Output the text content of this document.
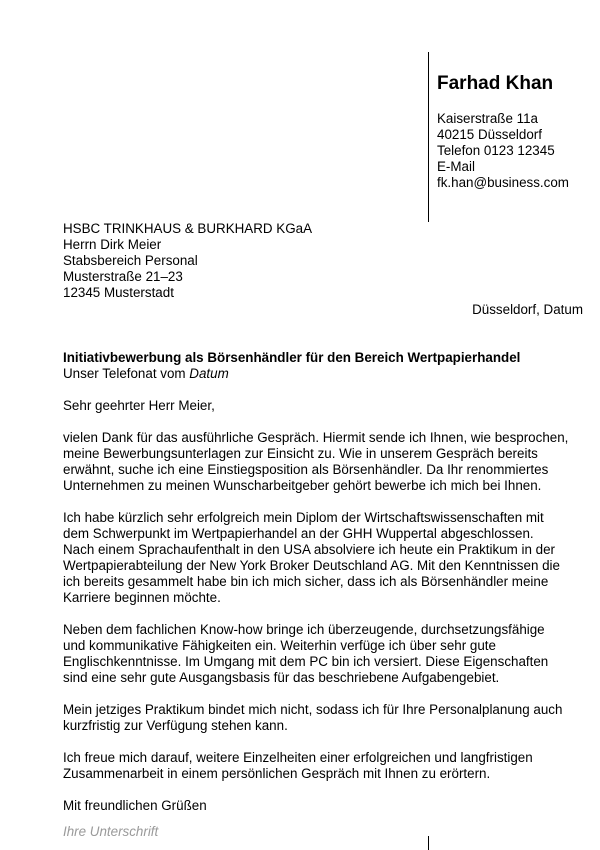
Farhad Khan
Kaiserstraße 11a
40215 Düsseldorf
Telefon 0123 12345
E-Mail
fk.han@business.com
HSBC TRINKHAUS & BURKHARD KGaA
Herrn Dirk Meier
Stabsbereich Personal
Musterstraße 21–23
12345 Musterstadt
Düsseldorf, Datum
Initiativbewerbung als Börsenhändler für den Bereich Wertpapierhandel
Unser Telefonat vom Datum
Sehr geehrter Herr Meier,

vielen Dank für das ausführliche Gespräch. Hiermit sende ich Ihnen, wie besprochen,
meine Bewerbungsunterlagen zur Einsicht zu. Wie in unserem Gespräch bereits
erwähnt, suche ich eine Einstiegsposition als Börsenhändler. Da Ihr renommiertes
Unternehmen zu meinen Wunscharbeitgeber gehört bewerbe ich mich bei Ihnen.

Ich habe kürzlich sehr erfolgreich mein Diplom der Wirtschaftswissenschaften mit
dem Schwerpunkt im Wertpapierhandel an der GHH Wuppertal abgeschlossen.
Nach einem Sprachaufenthalt in den USA absolviere ich heute ein Praktikum in der
Wertpapierabteilung der New York Broker Deutschland AG. Mit den Kenntnissen die
ich bereits gesammelt habe bin ich mich sicher, dass ich als Börsenhändler meine
Karriere beginnen möchte.

Neben dem fachlichen Know-how bringe ich überzeugende, durchsetzungsfähige
und kommunikative Fähigkeiten ein. Weiterhin verfüge ich über sehr gute
Englischkenntnisse. Im Umgang mit dem PC bin ich versiert. Diese Eigenschaften
sind eine sehr gute Ausgangsbasis für das beschriebene Aufgabengebiet.

Mein jetziges Praktikum bindet mich nicht, sodass ich für Ihre Personalplanung auch
kurzfristig zur Verfügung stehen kann.

Ich freue mich darauf, weitere Einzelheiten einer erfolgreichen und langfristigen
Zusammenarbeit in einem persönlichen Gespräch mit Ihnen zu erörtern.

Mit freundlichen Grüßen
Ihre Unterschrift
